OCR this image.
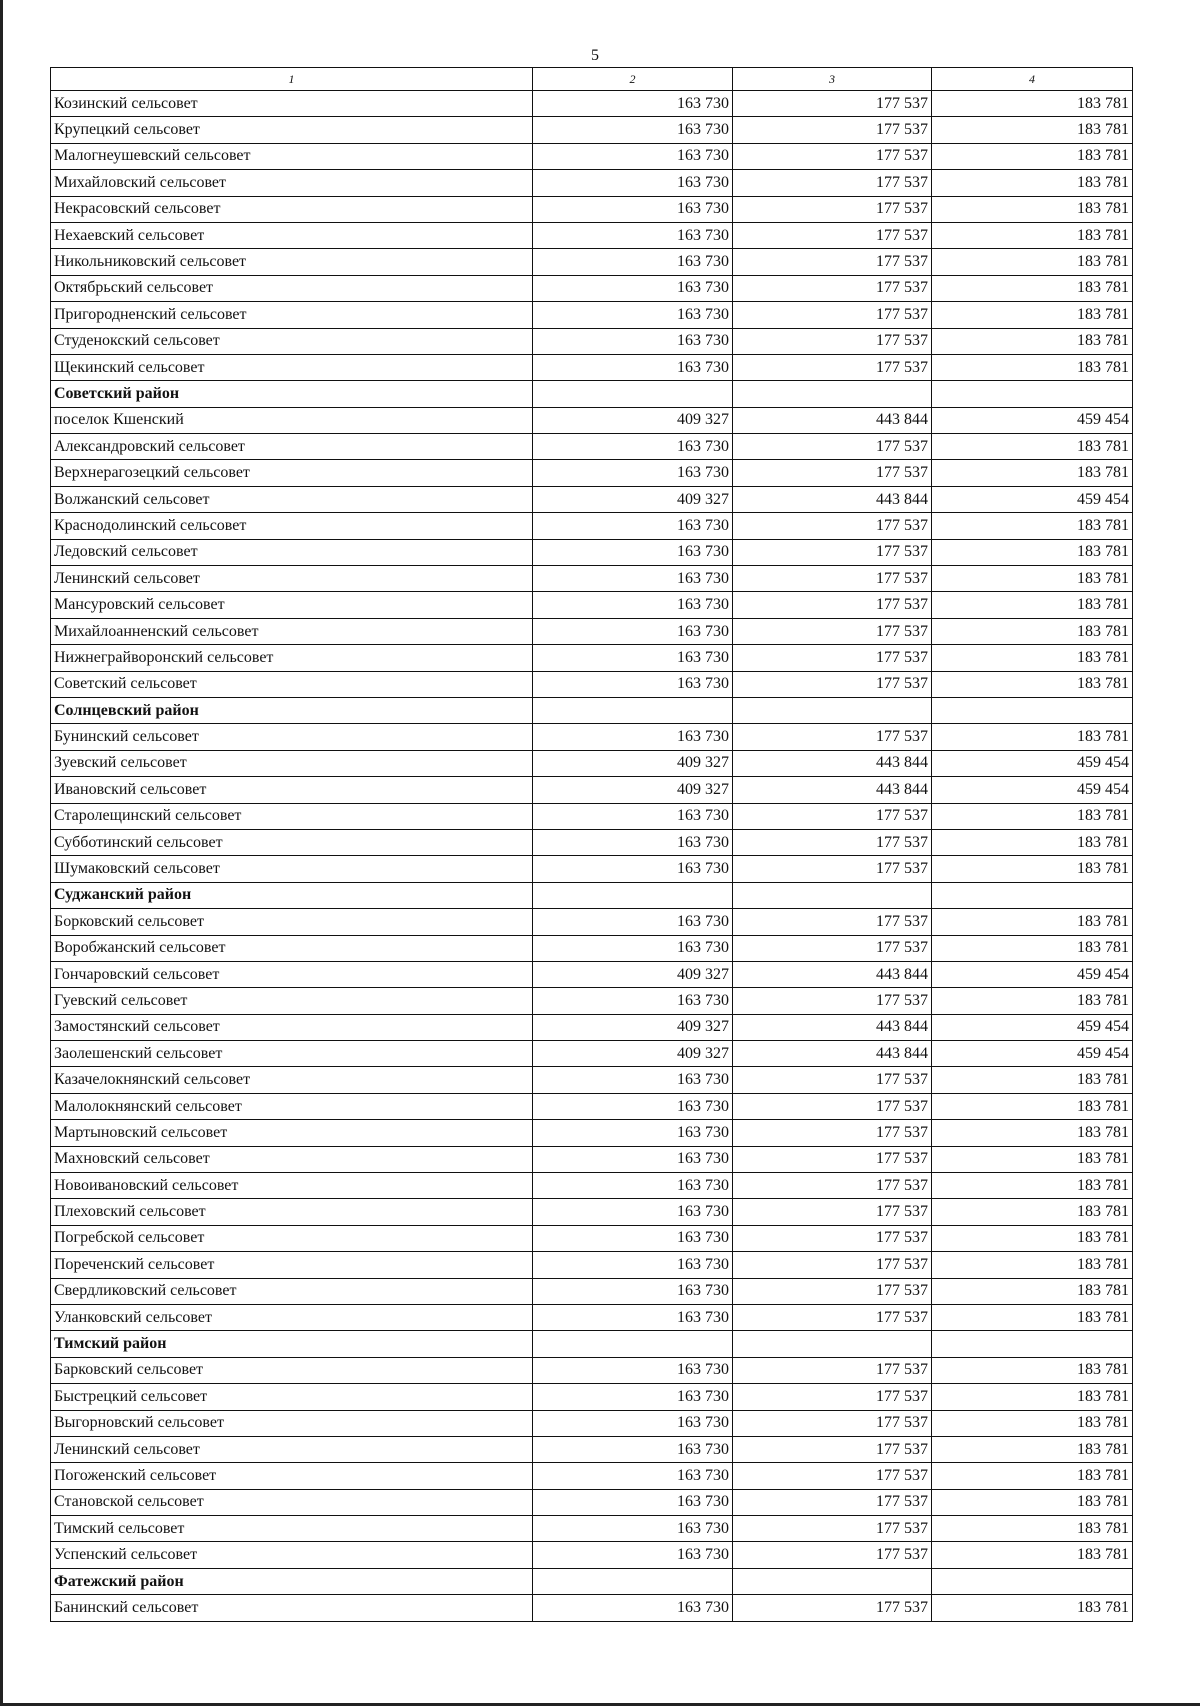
5
1	2	3	4
Козинский сельсовет	163 730	177 537	183 781
Крупецкий сельсовет	163 730	177 537	183 781
Малогнеушевский сельсовет	163 730	177 537	183 781
Михайловский сельсовет	163 730	177 537	183 781
Некрасовский сельсовет	163 730	177 537	183 781
Нехаевский сельсовет	163 730	177 537	183 781
Никольниковский сельсовет	163 730	177 537	183 781
Октябрьский сельсовет	163 730	177 537	183 781
Пригородненский сельсовет	163 730	177 537	183 781
Студенокский сельсовет	163 730	177 537	183 781
Щекинский сельсовет	163 730	177 537	183 781
Советский район			
поселок Кшенский	409 327	443 844	459 454
Александровский сельсовет	163 730	177 537	183 781
Верхнерагозецкий сельсовет	163 730	177 537	183 781
Волжанский сельсовет	409 327	443 844	459 454
Краснодолинский сельсовет	163 730	177 537	183 781
Ледовский сельсовет	163 730	177 537	183 781
Ленинский сельсовет	163 730	177 537	183 781
Мансуровский сельсовет	163 730	177 537	183 781
Михайлоанненский сельсовет	163 730	177 537	183 781
Нижнеграйворонский сельсовет	163 730	177 537	183 781
Советский сельсовет	163 730	177 537	183 781
Солнцевский район			
Бунинский сельсовет	163 730	177 537	183 781
Зуевский сельсовет	409 327	443 844	459 454
Ивановский сельсовет	409 327	443 844	459 454
Старолещинский сельсовет	163 730	177 537	183 781
Субботинский сельсовет	163 730	177 537	183 781
Шумаковский сельсовет	163 730	177 537	183 781
Суджанский район			
Борковский сельсовет	163 730	177 537	183 781
Воробжанский сельсовет	163 730	177 537	183 781
Гончаровский сельсовет	409 327	443 844	459 454
Гуевский сельсовет	163 730	177 537	183 781
Замостянский сельсовет	409 327	443 844	459 454
Заолешенский сельсовет	409 327	443 844	459 454
Казачелокнянский сельсовет	163 730	177 537	183 781
Малолокнянский сельсовет	163 730	177 537	183 781
Мартыновский сельсовет	163 730	177 537	183 781
Махновский сельсовет	163 730	177 537	183 781
Новоивановский сельсовет	163 730	177 537	183 781
Плеховский сельсовет	163 730	177 537	183 781
Погребской сельсовет	163 730	177 537	183 781
Пореченский сельсовет	163 730	177 537	183 781
Свердликовский сельсовет	163 730	177 537	183 781
Уланковский сельсовет	163 730	177 537	183 781
Тимский район			
Барковский сельсовет	163 730	177 537	183 781
Быстрецкий сельсовет	163 730	177 537	183 781
Выгорновский сельсовет	163 730	177 537	183 781
Ленинский сельсовет	163 730	177 537	183 781
Погоженский сельсовет	163 730	177 537	183 781
Становской сельсовет	163 730	177 537	183 781
Тимский сельсовет	163 730	177 537	183 781
Успенский сельсовет	163 730	177 537	183 781
Фатежский район			
Банинский сельсовет	163 730	177 537	183 781
